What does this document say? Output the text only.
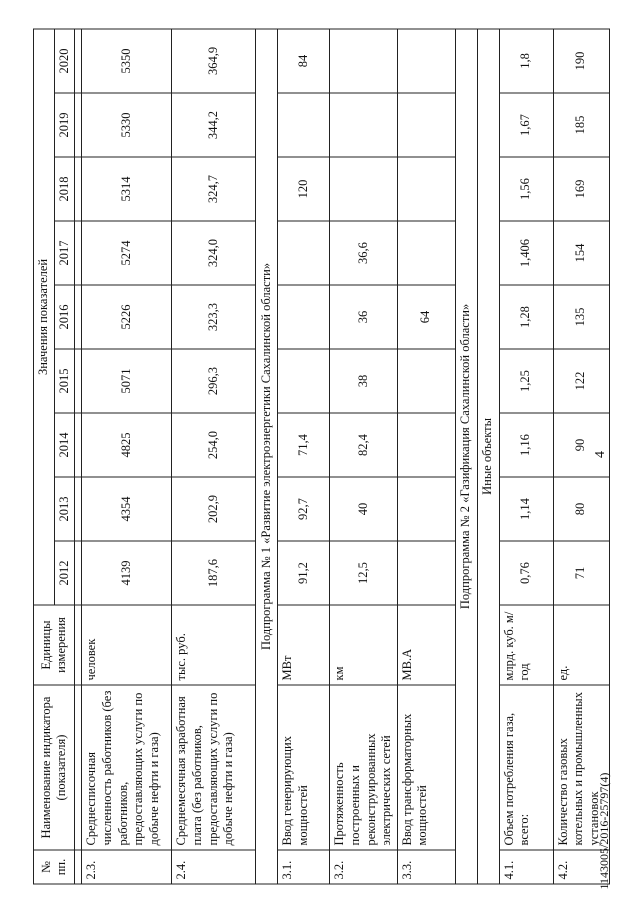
4
№ пп.	Наименование индикатора (показателя)	Единицы измерения	Значения показателей								
			2012	2013	2014	2015	2016	2017	2018	2019	2020

2.3.	Среднесписочная численность работников (без работников, предоставляющих услуги по добыче нефти и газа)	человек	4139	4354	4825	5071	5226	5274	5314	5330	5350
2.4.	Среднемесячная заработная плата (без работников, предоставляющих услуги по добыче нефти и газа)	тыс. руб.	187,6	202,9	254,0	296,3	323,3	324,0	324,7	344,2	364,9
Подпрограмма № 1 «Развитие электроэнергетики Сахалинской области»											
3.1.	Ввод генерирующих мощностей	МВт	91,2	92,7	71,4				120		84
3.2.	Протяженность построенных и реконструированных электрических сетей	км	12,5	40	82,4	38	36	36,6			
3.3.	Ввод трансформаторных мощностей	МВ.А					64				
Подпрограмма № 2 «Газификация Сахалинской области»											
Иные объекты											
4.1.	Объем потребления газа, всего:	млрд. куб. м/год	0,76	1,14	1,16	1,25	1,28	1,406	1,56	1,67	1,8
4.2.	Количество газовых котельных и промышленных установок	ед.	71	80	90	122	135	154	169	185	190
1143005/2016-25797(4)
